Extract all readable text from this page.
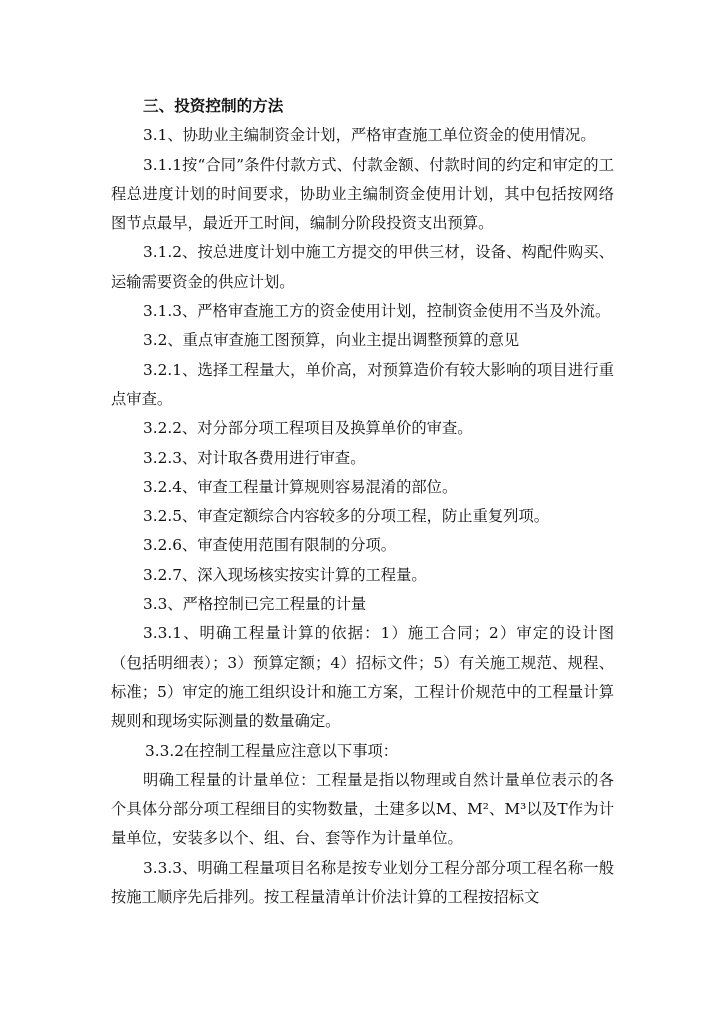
三、投资控制的方法

3.1、协助业主编制资金计划，严格审查施工单位资金的使用情况。

3.1.1按“合同”条件付款方式、付款金额、付款时间的约定和审定的工程总进度计划的时间要求，协助业主编制资金使用计划，其中包括按网络图节点最早，最近开工时间，编制分阶段投资支出预算。

3.1.2、按总进度计划中施工方提交的甲供三材，设备、构配件购买、运输需要资金的供应计划。

3.1.3、严格审查施工方的资金使用计划，控制资金使用不当及外流。

3.2、重点审查施工图预算，向业主提出调整预算的意见

3.2.1、选择工程量大，单价高，对预算造价有较大影响的项目进行重点审查。

3.2.2、对分部分项工程项目及换算单价的审查。

3.2.3、对计取各费用进行审查。

3.2.4、审查工程量计算规则容易混淆的部位。

3.2.5、审查定额综合内容较多的分项工程，防止重复列项。

3.2.6、审查使用范围有限制的分项。

3.2.7、深入现场核实按实计算的工程量。

3.3、严格控制已完工程量的计量

3.3.1、明确工程量计算的依据：1）施工合同；2）审定的设计图（包括明细表）；3）预算定额；4）招标文件；5）有关施工规范、规程、标准；5）审定的施工组织设计和施工方案，工程计价规范中的工程量计算规则和现场实际测量的数量确定。

3.3.2在控制工程量应注意以下事项：

明确工程量的计量单位：工程量是指以物理或自然计量单位表示的各个具体分部分项工程细目的实物数量，土建多以M、M²、M³以及T作为计量单位，安装多以个、组、台、套等作为计量单位。

3.3.3、明确工程量项目名称是按专业划分工程分部分项工程名称一般按施工顺序先后排列。按工程量清单计价法计算的工程按招标文
